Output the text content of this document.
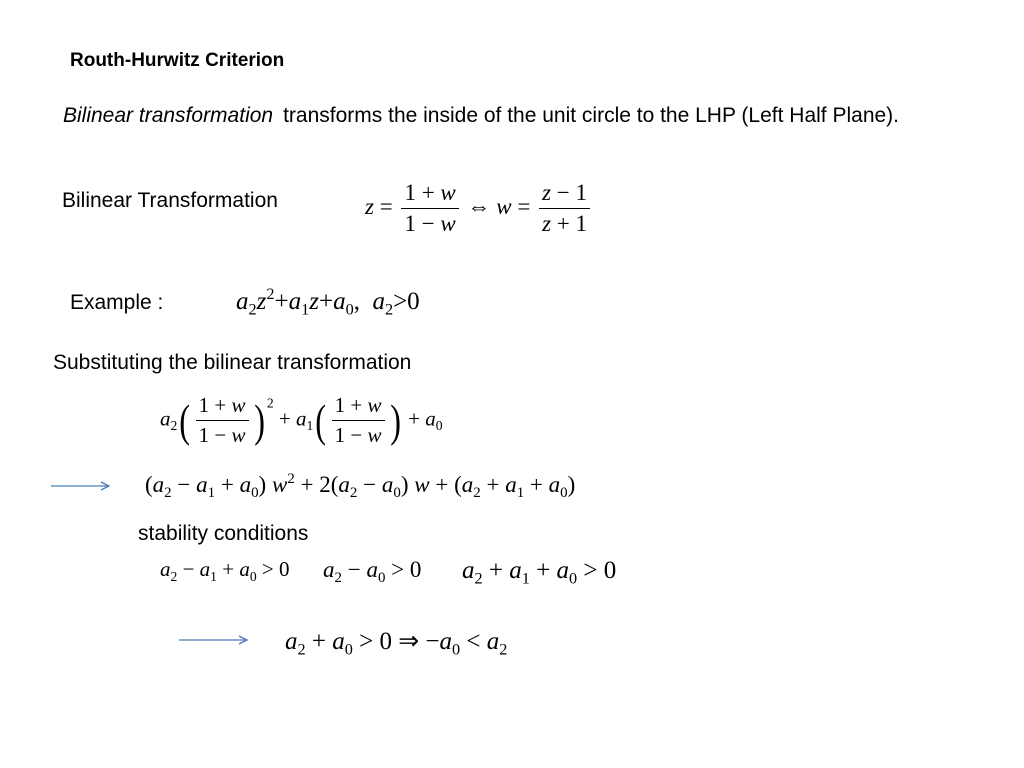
Routh-Hurwitz Criterion
Bilinear transformation transforms the inside of the unit circle to the LHP (Left Half Plane).
Bilinear Transformation	$z = \frac{1 + w}{1 - w}$ ⇔ $w = \frac{z - 1}{z + 1}$
Example :	$a_2z^2+a_1z+a_0$,  $a_2>0$
Substituting the bilinear transformation
$a_2( \frac{1 + w}{1 - w}$ ) $^2 + a_1( \frac{1 + w}{1 - w}$ ) + $a_0$
$(a_2 - a_1 + a_0) w^2 + 2(a_2 - a_0) w + (a_2 + a_1 + a_0)$
stability conditions
$a_2 - a_1 + a_0 > 0$ $a_2 - a_0 > 0$ $a_2 + a_1 + a_0 > 0$
$a_2 + a_0 > 0$ ⇒ $-a_0 < a_2$
